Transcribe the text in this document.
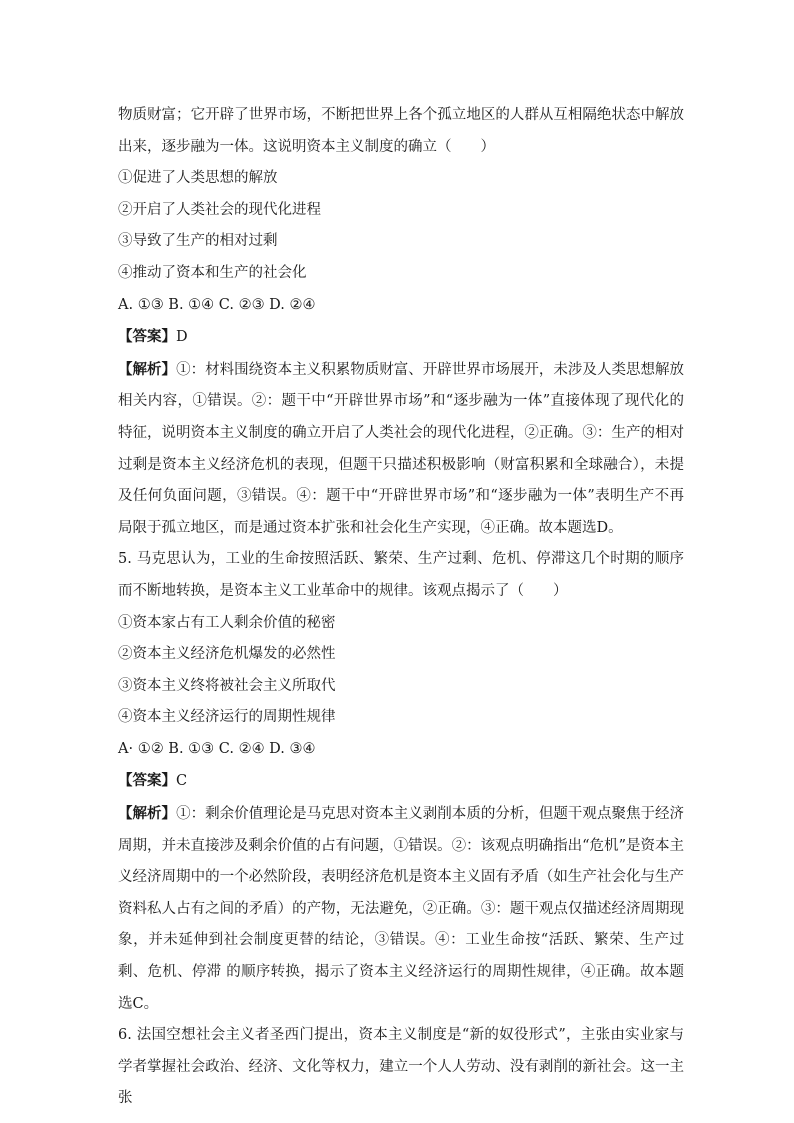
物质财富；它开辟了世界市场，不断把世界上各个孤立地区的人群从互相隔绝状态中解放出来，逐步融为一体。这说明资本主义制度的确立（　　）

①促进了人类思想的解放

②开启了人类社会的现代化进程

③导致了生产的相对过剩

④推动了资本和生产的社会化

A. ①③ B. ①④ C. ②③ D. ②④

【答案】D

【解析】①：材料围绕资本主义积累物质财富、开辟世界市场展开，未涉及人类思想解放相关内容，①错误。②：题干中“开辟世界市场”和“逐步融为一体”直接体现了现代化的特征，说明资本主义制度的确立开启了人类社会的现代化进程，②正确。③：生产的相对过剩是资本主义经济危机的表现，但题干只描述积极影响（财富积累和全球融合），未提及任何负面问题，③错误。④：题干中“开辟世界市场”和“逐步融为一体”表明生产不再局限于孤立地区，而是通过资本扩张和社会化生产实现，④正确。故本题选D。

5. 马克思认为，工业的生命按照活跃、繁荣、生产过剩、危机、停滞这几个时期的顺序而不断地转换，是资本主义工业革命中的规律。该观点揭示了（　　）

①资本家占有工人剩余价值的秘密

②资本主义经济危机爆发的必然性

③资本主义终将被社会主义所取代

④资本主义经济运行的周期性规律

A· ①② B. ①③ C. ②④ D. ③④

【答案】C

【解析】①：剩余价值理论是马克思对资本主义剥削本质的分析，但题干观点聚焦于经济周期，并未直接涉及剩余价值的占有问题，①错误。②：该观点明确指出“危机”是资本主义经济周期中的一个必然阶段，表明经济危机是资本主义固有矛盾（如生产社会化与生产资料私人占有之间的矛盾）的产物，无法避免，②正确。③：题干观点仅描述经济周期现象，并未延伸到社会制度更替的结论，③错误。④：工业生命按“活跃、繁荣、生产过剩、危机、停滞 的顺序转换，揭示了资本主义经济运行的周期性规律，④正确。故本题选C。

6. 法国空想社会主义者圣西门提出，资本主义制度是“新的奴役形式”，主张由实业家与学者掌握社会政治、经济、文化等权力，建立一个人人劳动、没有剥削的新社会。这一主张
